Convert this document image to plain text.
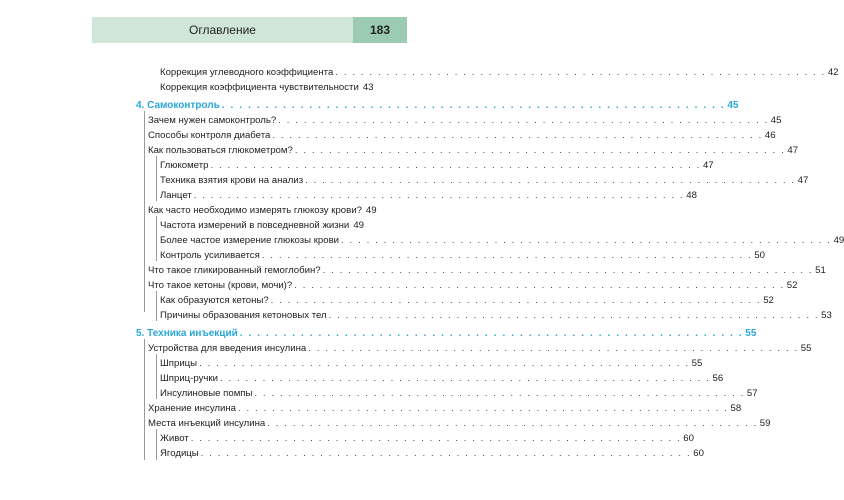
Оглавление	183
Коррекция углеводного коэффициента . . . . . . . . . . . . . . . . . . . . . . . . . . . . . . . . . . . . . . . . . . . . . . . . . . . . . . . . . . 42
Коррекция коэффициента чувствительности 43
4. Самоконтроль . . . . . . . . . . . . . . . . . . . . . . . . . . . . . . . . . . . . . . . . . . . . . . . . . . . . . . . . . . 45
Зачем нужен самоконтроль? . . . . . . . . . . . . . . . . . . . . . . . . . . . . . . . . . . . . . . . . . . . . . . . . . . . . . . . . . . 45
Способы контроля диабета . . . . . . . . . . . . . . . . . . . . . . . . . . . . . . . . . . . . . . . . . . . . . . . . . . . . . . . . . . 46
Как пользоваться глюкометром? . . . . . . . . . . . . . . . . . . . . . . . . . . . . . . . . . . . . . . . . . . . . . . . . . . . . . . . . . . 47
Глюкометр . . . . . . . . . . . . . . . . . . . . . . . . . . . . . . . . . . . . . . . . . . . . . . . . . . . . . . . . . . 47
Техника взятия крови на анализ . . . . . . . . . . . . . . . . . . . . . . . . . . . . . . . . . . . . . . . . . . . . . . . . . . . . . . . . . . 47
Ланцет . . . . . . . . . . . . . . . . . . . . . . . . . . . . . . . . . . . . . . . . . . . . . . . . . . . . . . . . . . 48
Как часто необходимо измерять глюкозу крови? 49
Частота измерений в повседневной жизни 49
Более частое измерение глюкозы крови . . . . . . . . . . . . . . . . . . . . . . . . . . . . . . . . . . . . . . . . . . . . . . . . . . . . . . . . . . 49
Контроль усиливается . . . . . . . . . . . . . . . . . . . . . . . . . . . . . . . . . . . . . . . . . . . . . . . . . . . . . . . . . . 50
Что такое гликированный гемоглобин? . . . . . . . . . . . . . . . . . . . . . . . . . . . . . . . . . . . . . . . . . . . . . . . . . . . . . . . . . . 51
Что такое кетоны (крови, мочи)? . . . . . . . . . . . . . . . . . . . . . . . . . . . . . . . . . . . . . . . . . . . . . . . . . . . . . . . . . . 52
Как образуются кетоны? . . . . . . . . . . . . . . . . . . . . . . . . . . . . . . . . . . . . . . . . . . . . . . . . . . . . . . . . . . 52
Причины образования кетоновых тел . . . . . . . . . . . . . . . . . . . . . . . . . . . . . . . . . . . . . . . . . . . . . . . . . . . . . . . . . . 53
5. Техника инъекций . . . . . . . . . . . . . . . . . . . . . . . . . . . . . . . . . . . . . . . . . . . . . . . . . . . . . . . . . . 55
Устройства для введения инсулина . . . . . . . . . . . . . . . . . . . . . . . . . . . . . . . . . . . . . . . . . . . . . . . . . . . . . . . . . . 55
Шприцы . . . . . . . . . . . . . . . . . . . . . . . . . . . . . . . . . . . . . . . . . . . . . . . . . . . . . . . . . . 55
Шприц-ручки . . . . . . . . . . . . . . . . . . . . . . . . . . . . . . . . . . . . . . . . . . . . . . . . . . . . . . . . . . 56
Инсулиновые помпы . . . . . . . . . . . . . . . . . . . . . . . . . . . . . . . . . . . . . . . . . . . . . . . . . . . . . . . . . . 57
Хранение инсулина . . . . . . . . . . . . . . . . . . . . . . . . . . . . . . . . . . . . . . . . . . . . . . . . . . . . . . . . . . 58
Места инъекций инсулина . . . . . . . . . . . . . . . . . . . . . . . . . . . . . . . . . . . . . . . . . . . . . . . . . . . . . . . . . . 59
Живот . . . . . . . . . . . . . . . . . . . . . . . . . . . . . . . . . . . . . . . . . . . . . . . . . . . . . . . . . . 60
Ягодицы . . . . . . . . . . . . . . . . . . . . . . . . . . . . . . . . . . . . . . . . . . . . . . . . . . . . . . . . . . 60
